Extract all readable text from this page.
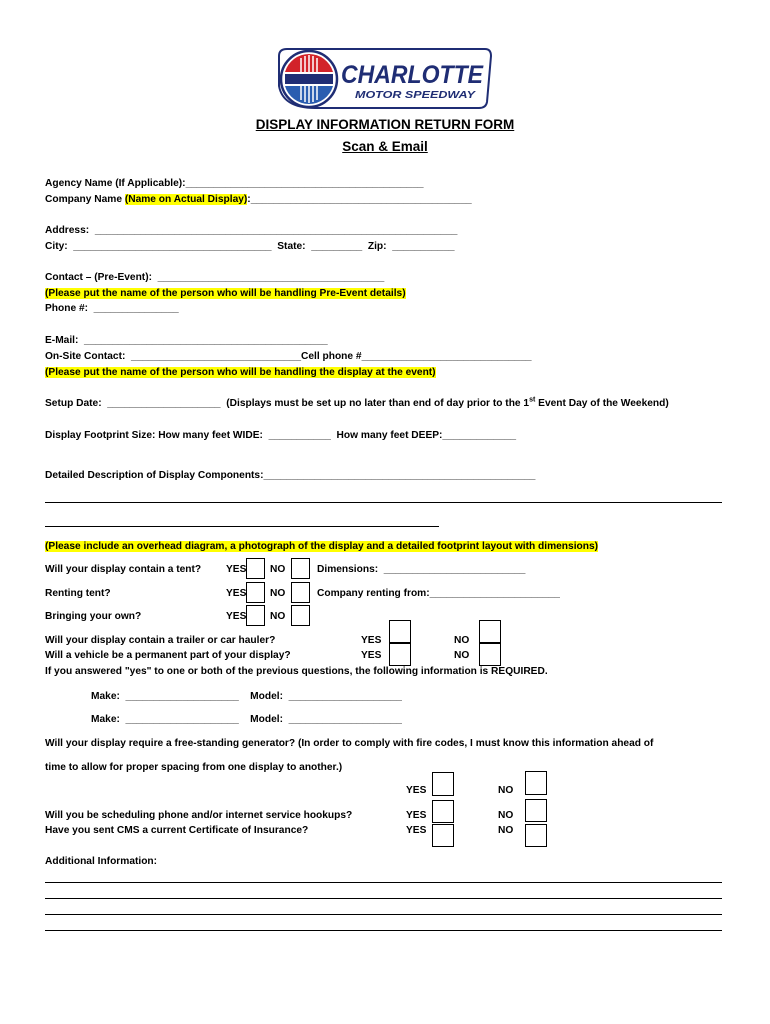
CHARLOTTE
MOTOR SPEEDWAY
DISPLAY INFORMATION RETURN FORM
Scan & Email
Agency Name (If Applicable):__________________________________________
Company Name (Name on Actual Display):_______________________________________
Address:  ________________________________________________________________
City:  ___________________________________  State:  _________  Zip:  ___________
Contact – (Pre-Event):  ________________________________________
(Please put the name of the person who will be handling Pre-Event details)
Phone #:  _______________
E-Mail:  ___________________________________________
On-Site Contact:  ______________________________Cell phone #______________________________
(Please put the name of the person who will be handling the display at the event)
Setup Date:  ____________________  (Displays must be set up no later than end of day prior to the 1st Event Day of the Weekend)
Display Footprint Size: How many feet WIDE:  ___________  How many feet DEEP:_____________
Detailed Description of Display Components:________________________________________________
(Please include an overhead diagram, a photograph of the display and a detailed footprint layout with dimensions)
Will your display contain a tent? YES NO	Dimensions:  _________________________
Renting tent?	YES NO	Company renting from:_______________________
Bringing your own?	YES NO
Will your display contain a trailer or car hauler?	YES	NO
Will a vehicle be a permanent part of your display?	YES	NO
If you answered "yes" to one or both of the previous questions, the following information is REQUIRED.
Make:  ____________________    Model:  ____________________
Make:  ____________________    Model:  ____________________
Will your display require a free-standing generator? (In order to comply with fire codes, I must know this information ahead of
time to allow for proper spacing from one display to another.)
YES	NO
Will you be scheduling phone and/or internet service hookups?	YES	NO
Have you sent CMS a current Certificate of Insurance?	YES	NO
Additional Information:
